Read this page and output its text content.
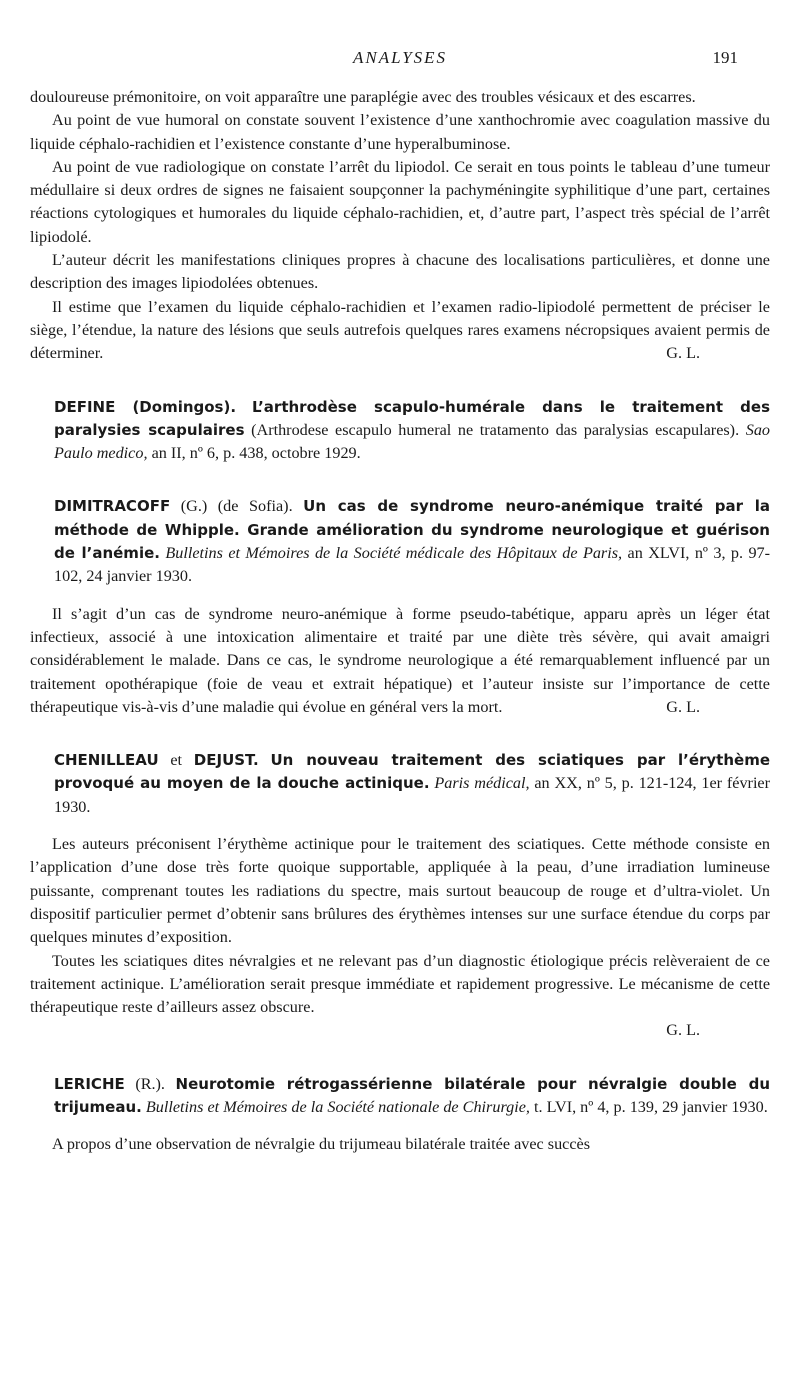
ANALYSES	191

douloureuse prémonitoire, on voit apparaître une paraplégie avec des troubles vésicaux et des escarres.

Au point de vue humoral on constate souvent l’existence d’une xanthochromie avec coagulation massive du liquide céphalo-rachidien et l’existence constante d’une hyperalbuminose.

Au point de vue radiologique on constate l’arrêt du lipiodol. Ce serait en tous points le tableau d’une tumeur médullaire si deux ordres de signes ne faisaient soupçonner la pachyméningite syphilitique d’une part, certaines réactions cytologiques et humorales du liquide céphalo-rachidien, et, d’autre part, l’aspect très spécial de l’arrêt lipiodolé.

L’auteur décrit les manifestations cliniques propres à chacune des localisations particulières, et donne une description des images lipiodolées obtenues.

Il estime que l’examen du liquide céphalo-rachidien et l’examen radio-lipiodolé permettent de préciser le siège, l’étendue, la nature des lésions que seuls autrefois quelques rares examens nécropsiques avaient permis de déterminer.	G. L.

DEFINE (Domingos). L’arthrodèse scapulo-humérale dans le traitement des paralysies scapulaires (Arthrodese escapulo humeral ne tratamento das paralysias escapulares). Sao Paulo medico, an II, nº 6, p. 438, octobre 1929.

DIMITRACOFF (G.) (de Sofia). Un cas de syndrome neuro-anémique traité par la méthode de Whipple. Grande amélioration du syndrome neurologique et guérison de l’anémie. Bulletins et Mémoires de la Société médicale des Hôpitaux de Paris, an XLVI, nº 3, p. 97-102, 24 janvier 1930.

Il s’agit d’un cas de syndrome neuro-anémique à forme pseudo-tabétique, apparu après un léger état infectieux, associé à une intoxication alimentaire et traité par une diète très sévère, qui avait amaigri considérablement le malade. Dans ce cas, le syndrome neurologique a été remarquablement influencé par un traitement opothérapique (foie de veau et extrait hépatique) et l’auteur insiste sur l’importance de cette thérapeutique vis-à-vis d’une maladie qui évolue en général vers la mort.	G. L.

CHENILLEAU et DEJUST. Un nouveau traitement des sciatiques par l’érythème provoqué au moyen de la douche actinique. Paris médical, an XX, nº 5, p. 121-124, 1er février 1930.

Les auteurs préconisent l’érythème actinique pour le traitement des sciatiques. Cette méthode consiste en l’application d’une dose très forte quoique supportable, appliquée à la peau, d’une irradiation lumineuse puissante, comprenant toutes les radiations du spectre, mais surtout beaucoup de rouge et d’ultra-violet. Un dispositif particulier permet d’obtenir sans brûlures des érythèmes intenses sur une surface étendue du corps par quelques minutes d’exposition.

Toutes les sciatiques dites névralgies et ne relevant pas d’un diagnostic étiologique précis relèveraient de ce traitement actinique. L’amélioration serait presque immédiate et rapidement progressive. Le mécanisme de cette thérapeutique reste d’ailleurs assez obscure.

G. L.

LERICHE (R.). Neurotomie rétrogassérienne bilatérale pour névralgie double du trijumeau. Bulletins et Mémoires de la Société nationale de Chirurgie, t. LVI, nº 4, p. 139, 29 janvier 1930.

A propos d’une observation de névralgie du trijumeau bilatérale traitée avec succès
